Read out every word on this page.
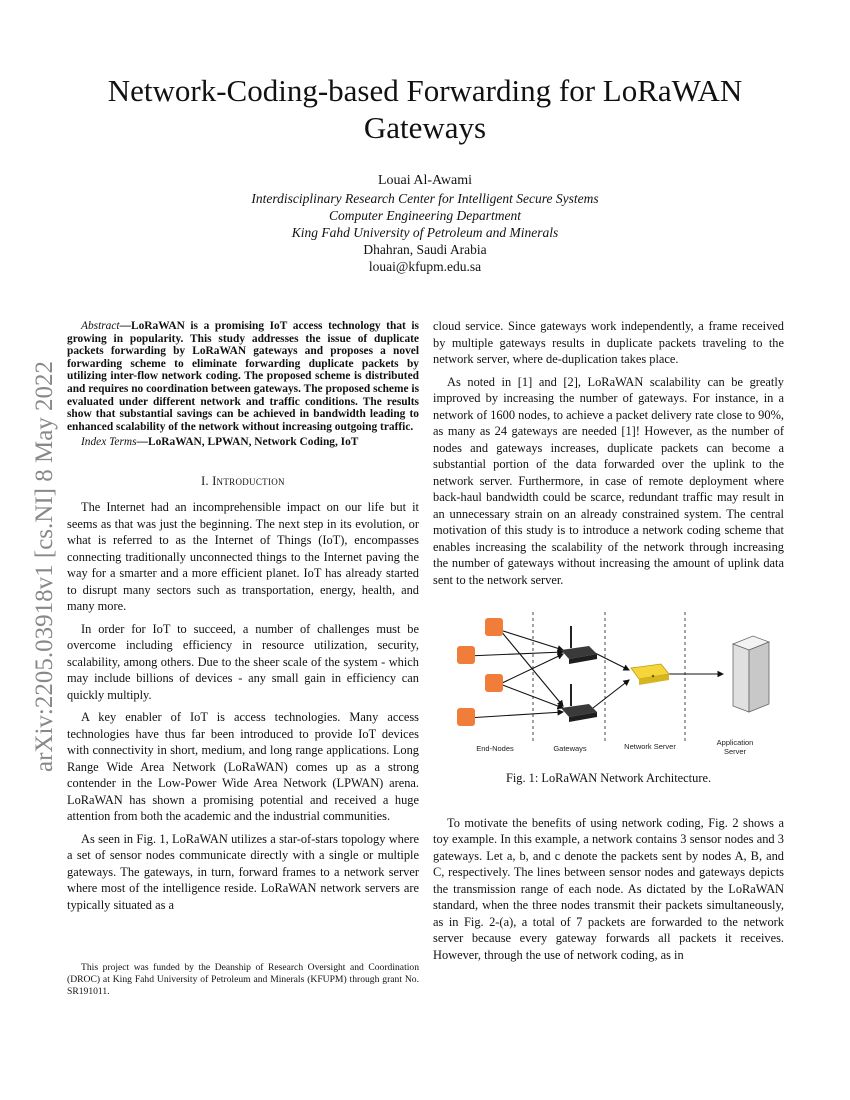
arXiv:2205.03918v1 [cs.NI] 8 May 2022
Network-Coding-based Forwarding for LoRaWAN
Gateways
Louai Al-Awami
Interdisciplinary Research Center for Intelligent Secure Systems
Computer Engineering Department
King Fahd University of Petroleum and Minerals
Dhahran, Saudi Arabia
louai@kfupm.edu.sa

Abstract—LoRaWAN is a promising IoT access technology that is growing in popularity. This study addresses the issue of duplicate packets forwarding by LoRaWAN gateways and proposes a novel forwarding scheme to eliminate forwarding duplicate packets by utilizing inter-flow network coding. The proposed scheme is distributed and requires no coordination between gateways. The proposed scheme is evaluated under different network and traffic conditions. The results show that substantial savings can be achieved in bandwidth leading to enhanced scalability of the network without increasing outgoing traffic.

Index Terms—LoRaWAN, LPWAN, Network Coding, IoT

I. Introduction

The Internet had an incomprehensible impact on our life but it seems as that was just the beginning. The next step in its evolution, or what is referred to as the Internet of Things (IoT), encompasses connecting traditionally unconnected things to the Internet paving the way for a smarter and a more efficient planet. IoT has already started to disrupt many sectors such as transportation, energy, health, and many more.

In order for IoT to succeed, a number of challenges must be overcome including efficiency in resource utilization, security, scalability, among others. Due to the sheer scale of the system - which may include billions of devices - any small gain in efficiency can quickly multiply.

A key enabler of IoT is access technologies. Many access technologies have thus far been introduced to provide IoT devices with connectivity in short, medium, and long range applications. Long Range Wide Area Network (LoRaWAN) comes up as a strong contender in the Low-Power Wide Area Network (LPWAN) arena. LoRaWAN has shown a promising potential and received a huge attention from both the academic and the industrial communities.

As seen in Fig. 1, LoRaWAN utilizes a star-of-stars topology where a set of sensor nodes communicate directly with a single or multiple gateways. The gateways, in turn, forward frames to a network server where most of the intelligence reside. LoRaWAN network servers are typically situated as a

This project was funded by the Deanship of Research Oversight and Coordination (DROC) at King Fahd University of Petroleum and Minerals (KFUPM) through grant No. SR191011.

cloud service. Since gateways work independently, a frame received by multiple gateways results in duplicate packets traveling to the network server, where de-duplication takes place.

As noted in [1] and [2], LoRaWAN scalability can be greatly improved by increasing the number of gateways. For instance, in a network of 1600 nodes, to achieve a packet delivery rate close to 90%, as many as 24 gateways are needed [1]! However, as the number of nodes and gateways increases, duplicate packets can become a substantial portion of the data forwarded over the uplink to the network server. Furthermore, in case of remote deployment where back-haul bandwidth could be scarce, redundant traffic may result in an unnecessary strain on an already constrained system. The central motivation of this study is to introduce a network coding scheme that enables increasing the scalability of the network through increasing the number of gateways without increasing the amount of uplink data sent to the network server.

End-Nodes	Gateways	Network Server	Application
Server
Fig. 1: LoRaWAN Network Architecture.

To motivate the benefits of using network coding, Fig. 2 shows a toy example. In this example, a network contains 3 sensor nodes and 3 gateways. Let a, b, and c denote the packets sent by nodes A, B, and C, respectively. The lines between sensor nodes and gateways depicts the transmission range of each node. As dictated by the LoRaWAN standard, when the three nodes transmit their packets simultaneously, as in Fig. 2-(a), a total of 7 packets are forwarded to the network server because every gateway forwards all packets it receives. However, through the use of network coding, as in
